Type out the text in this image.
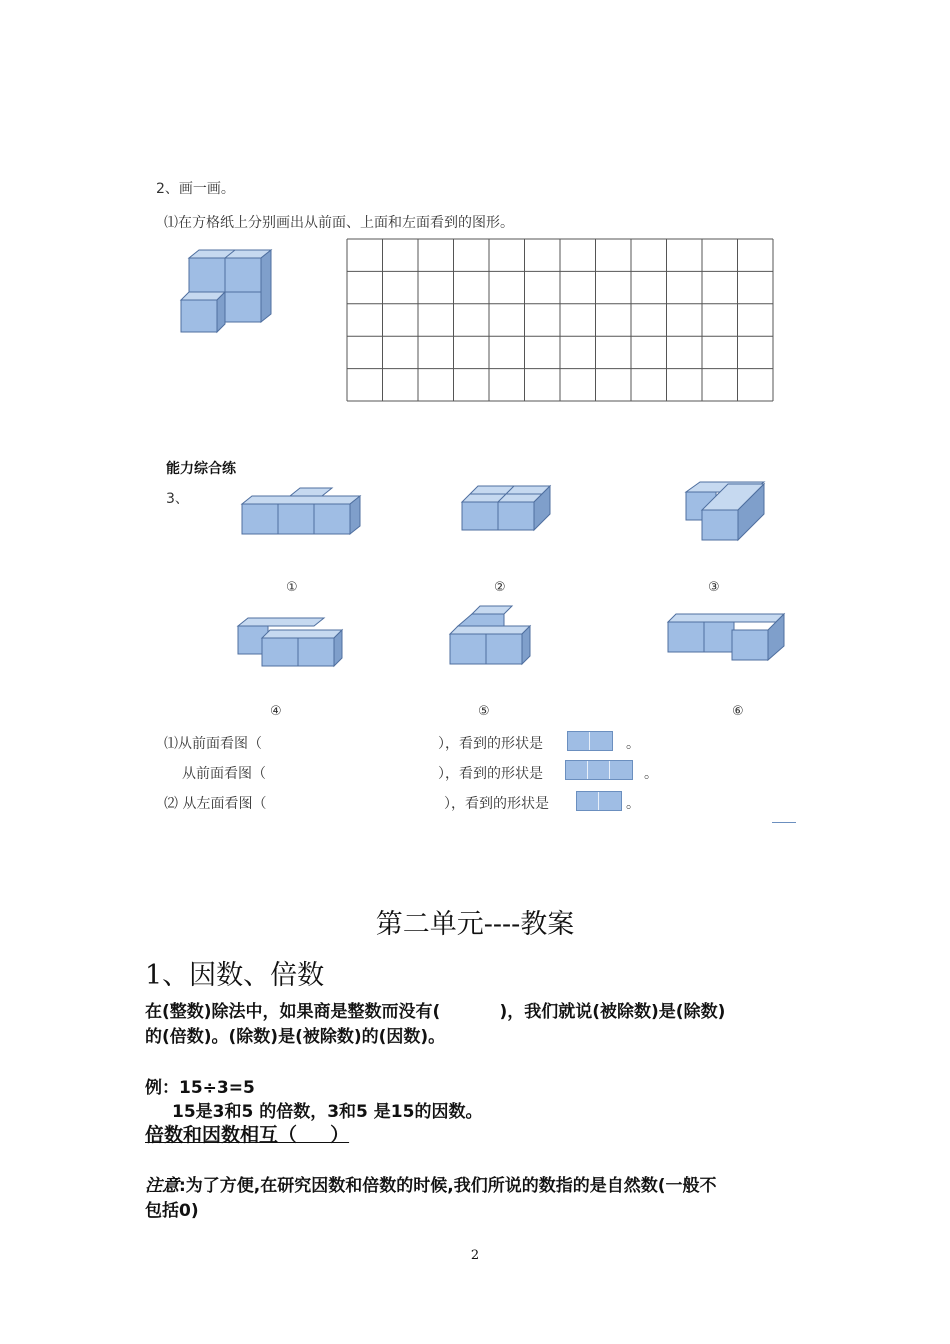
2、画一画。
⑴在方格纸上分别画出从前面、上面和左面看到的图形。
能力综合练
3、
①	②	③
④	⑤	⑥
⑴从前面看图（	），看到的形状是	。
从前面看图（	），看到的形状是	。
⑵ 从左面看图（	），看到的形状是	。
第二单元----教案
1、因数、倍数
在(整数)除法中，如果商是整数而没有(          )，我们就说(被除数)是(除数)
的(倍数)。(除数)是(被除数)的(因数)。
例：15÷3=5
15是3和5 的倍数，3和5 是15的因数。
倍数和因数相互（     ）
注意:为了方便,在研究因数和倍数的时候,我们所说的数指的是自然数(一般不
包括0)
2
